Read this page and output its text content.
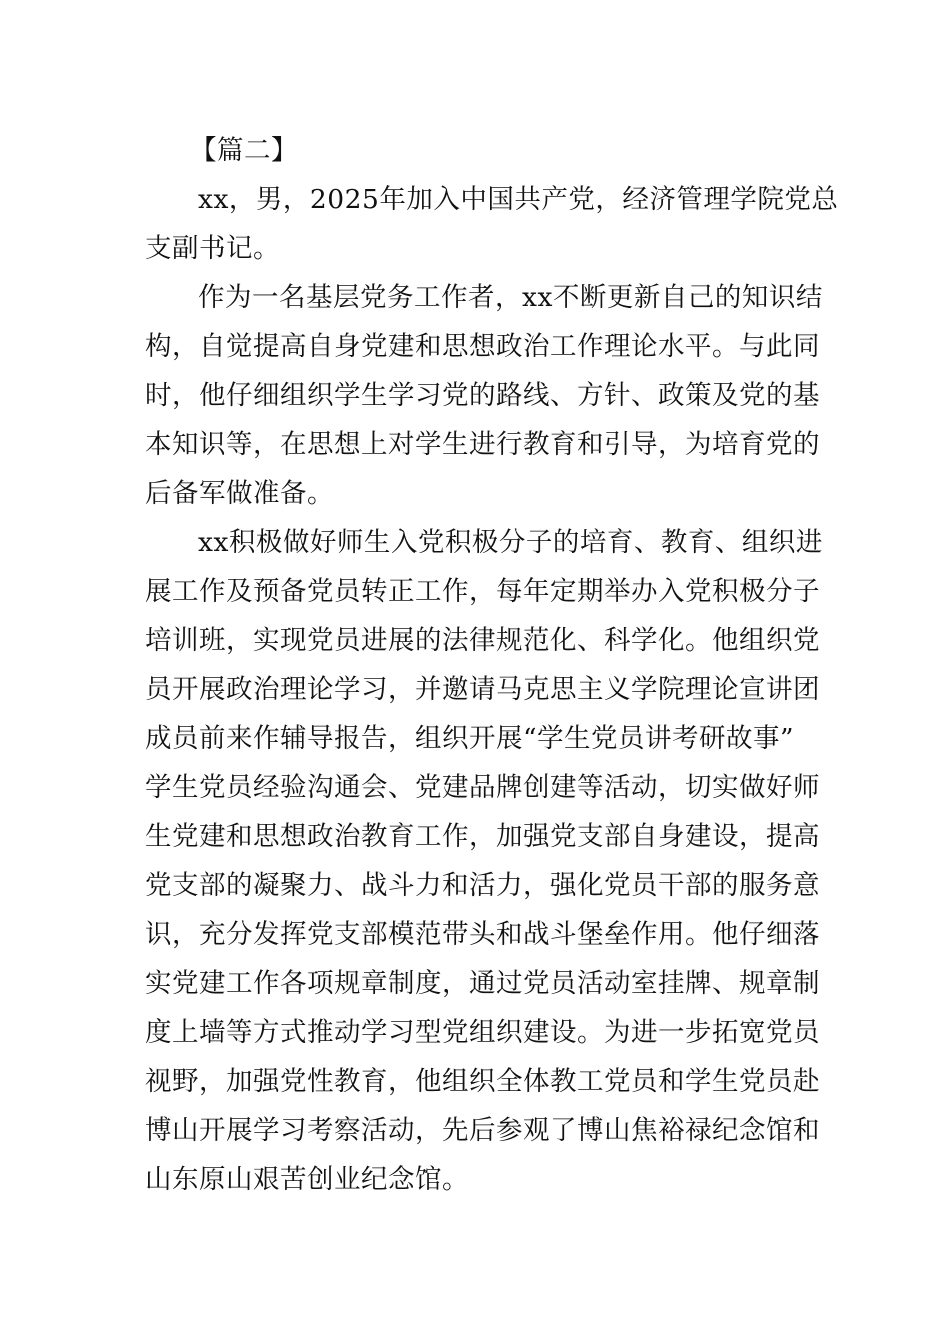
【篇二】
xx，男，2025年加入中国共产党，经济管理学院党总
支副书记。
作为一名基层党务工作者，xx不断更新自己的知识结
构，自觉提高自身党建和思想政治工作理论水平。与此同
时，他仔细组织学生学习党的路线、方针、政策及党的基
本知识等，在思想上对学生进行教育和引导，为培育党的
后备军做准备。
xx积极做好师生入党积极分子的培育、教育、组织进
展工作及预备党员转正工作，每年定期举办入党积极分子
培训班，实现党员进展的法律规范化、科学化。他组织党
员开展政治理论学习，并邀请马克思主义学院理论宣讲团
成员前来作辅导报告，组织开展“学生党员讲考研故事”
学生党员经验沟通会、党建品牌创建等活动，切实做好师
生党建和思想政治教育工作，加强党支部自身建设，提高
党支部的凝聚力、战斗力和活力，强化党员干部的服务意
识，充分发挥党支部模范带头和战斗堡垒作用。他仔细落
实党建工作各项规章制度，通过党员活动室挂牌、规章制
度上墙等方式推动学习型党组织建设。为进一步拓宽党员
视野，加强党性教育，他组织全体教工党员和学生党员赴
博山开展学习考察活动，先后参观了博山焦裕禄纪念馆和
山东原山艰苦创业纪念馆。
